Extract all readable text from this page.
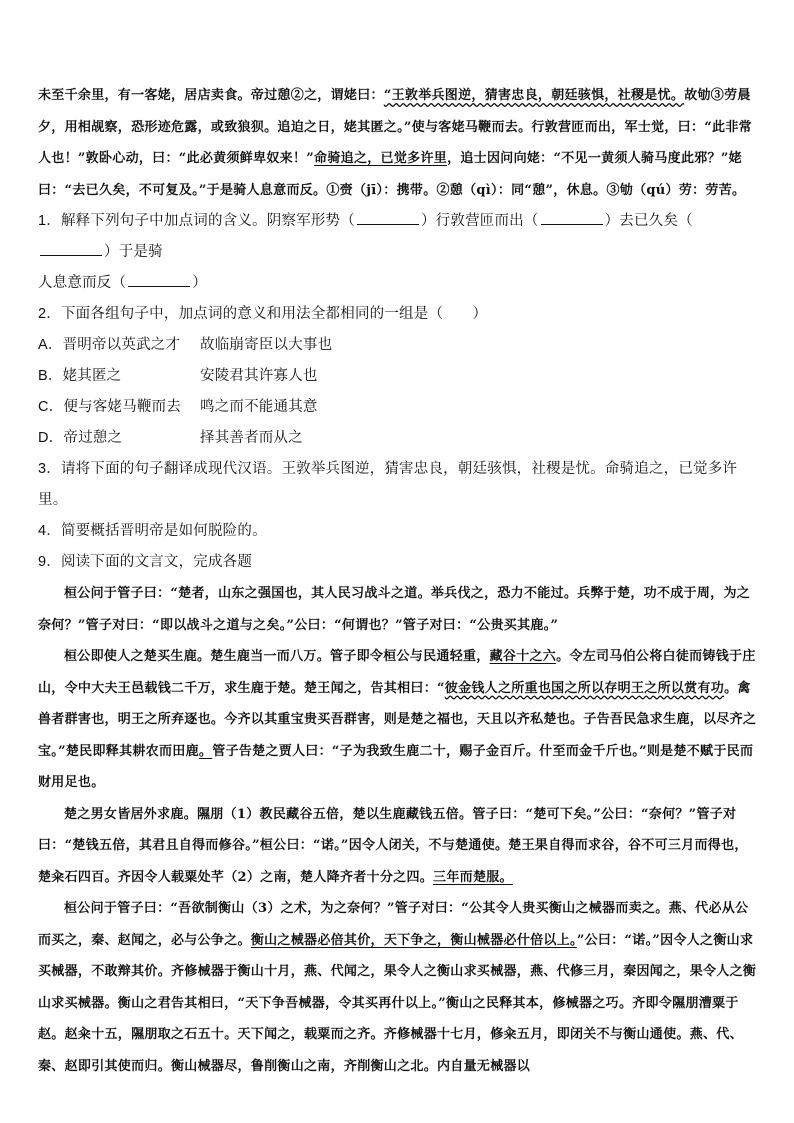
未至千余里，有一客姥，居店卖食。帝过憩②之，谓姥曰：“王敦举兵图逆，猜害忠良，朝廷骇惧，社稷是忧。故劬③劳晨夕，用相觇察，恐形迹危露，或致狼狈。追迫之日，姥其匿之。”使与客姥马鞭而去。行敦营匝而出，军士觉，曰：“此非常人也！”敦卧心动，曰：“此必黄须鲜卑奴来！”命骑追之，已觉多许里，追士因问向姥：“不见一黄须人骑马度此邪？”姥曰：“去已久矣，不可复及。”于是骑人息意而反。①赍（jī）：携带。②憩（qì）：同“憩”，休息。③劬（qú）劳：劳苦。

1．解释下列句子中加点词的含义。阴察军形势（	）行敦营匝而出（	）去已久矣（）于是骑
人息意而反（	）

2．下面各组句子中，加点词的意义和用法全都相同的一组是（　　）

A．晋明帝以英武之才	故临崩寄臣以大事也
B．姥其匿之	安陵君其许寡人也
C．便与客姥马鞭而去	鸣之而不能通其意
D．帝过憩之	择其善者而从之

3．请将下面的句子翻译成现代汉语。王敦举兵图逆，猜害忠良，朝廷骇惧，社稷是忧。命骑追之，已觉多许里。

4．简要概括晋明帝是如何脱险的。

9．阅读下面的文言文，完成各题

桓公问于管子曰：“楚者，山东之强国也，其人民习战斗之道。举兵伐之，恐力不能过。兵弊于楚，功不成于周，为之奈何？”管子对曰：“即以战斗之道与之矣。”公曰：“何谓也？”管子对曰：“公贵买其鹿。”

桓公即使人之楚买生鹿。楚生鹿当一而八万。管子即令桓公与民通轻重，藏谷十之六。令左司马伯公将白徒而铸钱于庄山，令中大夫王邑载钱二千万，求生鹿于楚。楚王闻之，告其相曰：“彼金钱人之所重也国之所以存明王之所以赏有功。禽兽者群害也，明王之所弃逐也。今齐以其重宝贵买吾群害，则是楚之福也，天且以齐私楚也。子告吾民急求生鹿，以尽齐之宝。”楚民即释其耕农而田鹿。管子告楚之贾人曰：“子为我致生鹿二十，赐子金百斤。什至而金千斤也。”则是楚不赋于民而财用足也。

楚之男女皆居外求鹿。隰朋（1）教民藏谷五倍，楚以生鹿藏钱五倍。管子曰：“楚可下矣。”公曰：“奈何？”管子对曰：“楚钱五倍，其君且自得而修谷。”桓公曰：“诺。”因令人闭关，不与楚通使。楚王果自得而求谷，谷不可三月而得也，楚籴石四百。齐因令人载粟处芊（2）之南，楚人降齐者十分之四。三年而楚服。

桓公问于管子曰：“吾欲制衡山（3）之术，为之奈何？”管子对曰：“公其令人贵买衡山之械器而卖之。燕、代必从公而买之，秦、赵闻之，必与公争之。衡山之械器必倍其价，天下争之，衡山械器必什倍以上。”公曰：“诺。”因令人之衡山求买械器，不敢辩其价。齐修械器于衡山十月，燕、代闻之，果令人之衡山求买械器，燕、代修三月，秦因闻之，果令人之衡山求买械器。衡山之君告其相曰，“天下争吾械器，令其买再什以上。”衡山之民释其本，修械器之巧。齐即令隰朋漕粟于赵。赵籴十五，隰朋取之石五十。天下闻之，载粟而之齐。齐修械器十七月，修籴五月，即闭关不与衡山通使。燕、代、秦、赵即引其使而归。衡山械器尽，鲁削衡山之南，齐削衡山之北。内自量无械器以
